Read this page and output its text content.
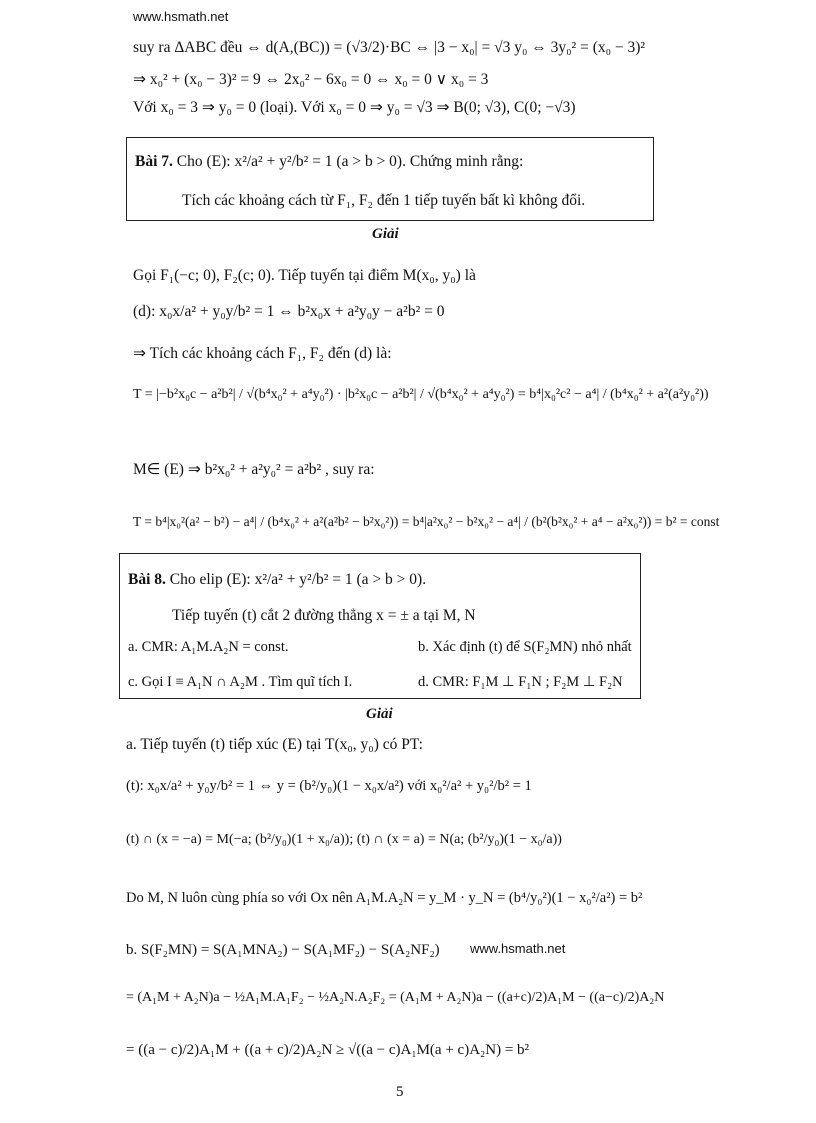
www.hsmath.net
suy ra ΔABC đều ⇔ d(A,(BC)) = (√3/2)·BC ⇔ |3 − x₀| = √3 y₀ ⇔ 3y₀² = (x₀ − 3)²
⇒ x₀² + (x₀ − 3)² = 9 ⇔ 2x₀² − 6x₀ = 0 ⇔ x₀ = 0 ∨ x₀ = 3
Với x₀ = 3 ⇒ y₀ = 0 (loại). Với x₀ = 0 ⇒ y₀ = √3 ⇒ B(0; √3), C(0; −√3)
Bài 7. Cho (E): x²/a² + y²/b² = 1 (a > b > 0). Chứng minh rằng:
Tích các khoảng cách từ F₁, F₂ đến 1 tiếp tuyến bất kì không đổi.
Giải
Gọi F₁(−c; 0), F₂(c; 0). Tiếp tuyến tại điểm M(x₀, y₀) là
(d): x₀x/a² + y₀y/b² = 1 ⇔ b²x₀x + a²y₀y − a²b² = 0
⇒ Tích các khoảng cách F₁, F₂ đến (d) là:
T = |−b²x₀c − a²b²| / √(b⁴x₀² + a⁴y₀²) · |b²x₀c − a²b²| / √(b⁴x₀² + a⁴y₀²) = b⁴|x₀²c² − a⁴| / (b⁴x₀² + a²(a²y₀²))
M∈ (E) ⇒ b²x₀² + a²y₀² = a²b² , suy ra:
T = b⁴|x₀²(a² − b²) − a⁴| / (b⁴x₀² + a²(a²b² − b²x₀²)) = b⁴|a²x₀² − b²x₀² − a⁴| / (b²(b²x₀² + a⁴ − a²x₀²)) = b² = const
Bài 8. Cho elip (E): x²/a² + y²/b² = 1 (a > b > 0).
Tiếp tuyến (t) cắt 2 đường thẳng x = ± a tại M, N
a. CMR: A₁M.A₂N = const.	b. Xác định (t) để S(F₂MN) nhỏ nhất
c. Gọi I ≡ A₁N ∩ A₂M . Tìm quĩ tích I.	d. CMR: F₁M ⊥ F₁N ; F₂M ⊥ F₂N
Giải
a. Tiếp tuyến (t) tiếp xúc (E) tại T(x₀, y₀) có PT:
(t): x₀x/a² + y₀y/b² = 1 ⇔ y = (b²/y₀)(1 − x₀x/a²) với x₀²/a² + y₀²/b² = 1
(t) ∩ (x = −a) = M(−a; (b²/y₀)(1 + x₀/a)); (t) ∩ (x = a) = N(a; (b²/y₀)(1 − x₀/a))
Do M, N luôn cùng phía so với Ox nên A₁M.A₂N = y_M · y_N = (b⁴/y₀²)(1 − x₀²/a²) = b²
b. S(F₂MN) = S(A₁MNA₂) − S(A₁MF₂) − S(A₂NF₂) www.hsmath.net
= (A₁M + A₂N)a − ½A₁M.A₁F₂ − ½A₂N.A₂F₂ = (A₁M + A₂N)a − ((a+c)/2)A₁M − ((a−c)/2)A₂N
= ((a − c)/2)A₁M + ((a + c)/2)A₂N ≥ √((a − c)A₁M(a + c)A₂N) = b²
5
